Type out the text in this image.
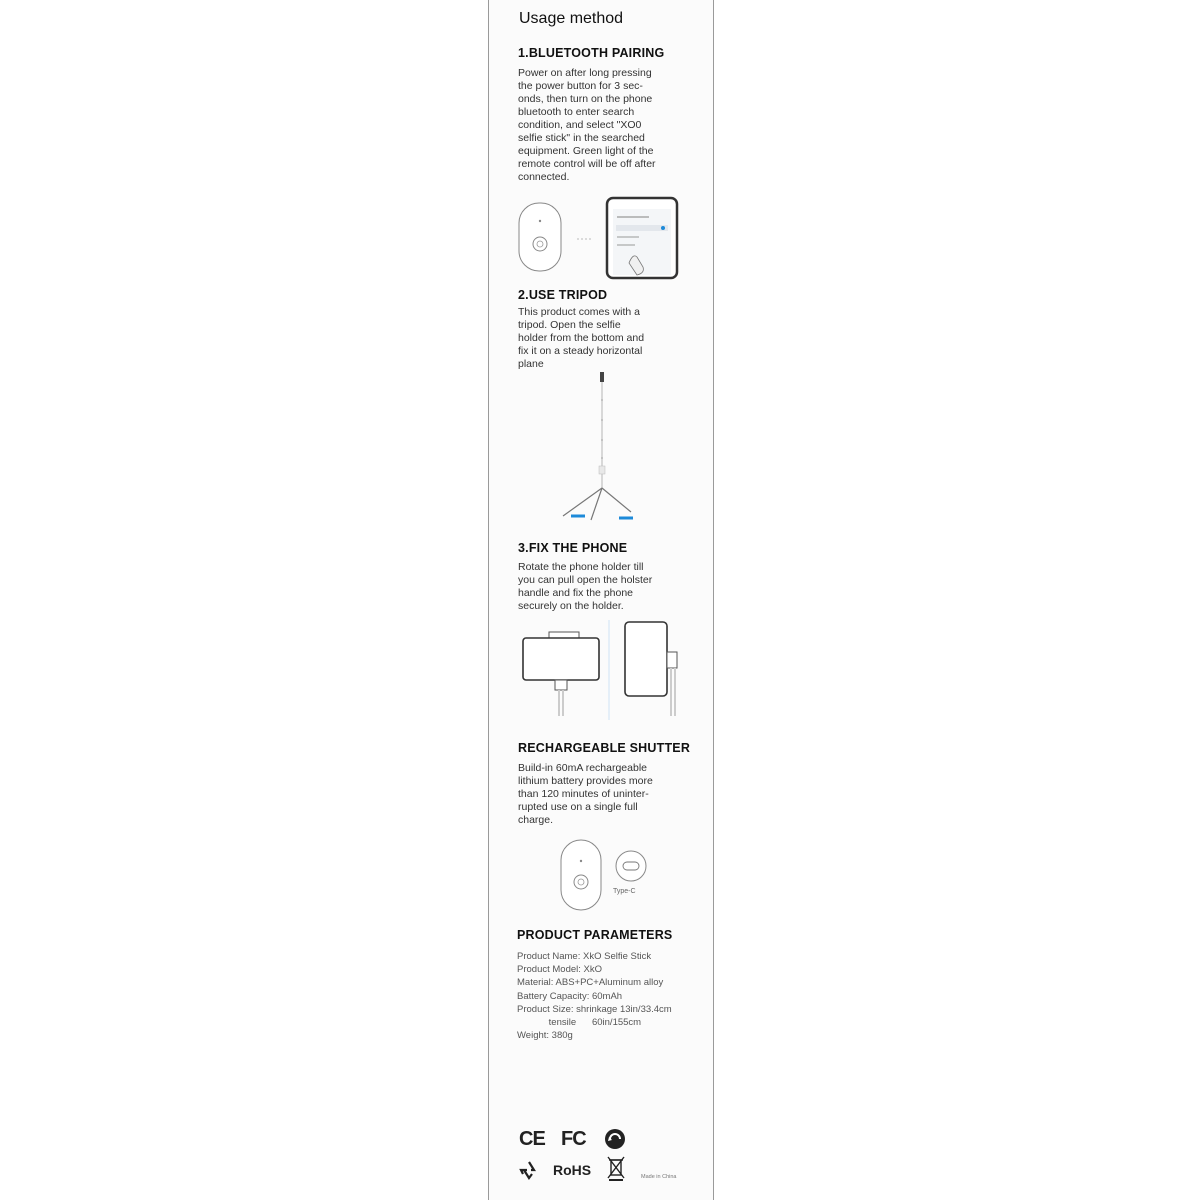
Usage method
1.BLUETOOTH PAIRING
Power on after long pressing
the power button for 3 sec-
onds, then turn on the phone
bluetooth to enter search
condition, and select "XO0
selfie stick" in the searched
equipment. Green light of the
remote control will be off after
connected.
2.USE TRIPOD
This product comes with a
tripod. Open the selfie
holder from the bottom and
fix it on a steady horizontal
plane
3.FIX THE PHONE
Rotate the phone holder till
you can pull open the holster
handle and fix the phone
securely on the holder.
RECHARGEABLE SHUTTER
Build-in 60mA rechargeable
lithium battery provides more
than 120 minutes of uninter-
rupted use on a single full
charge.
Type-C
PRODUCT PARAMETERS
Product Name: XkO Selfie Stick
Product Model: XkO
Material: ABS+PC+Aluminum alloy
Battery Capacity: 60mAh
Product Size: shrinkage 13in/33.4cm
tensile      60in/155cm
Weight: 380g
CE FC
RoHS	Made in China
